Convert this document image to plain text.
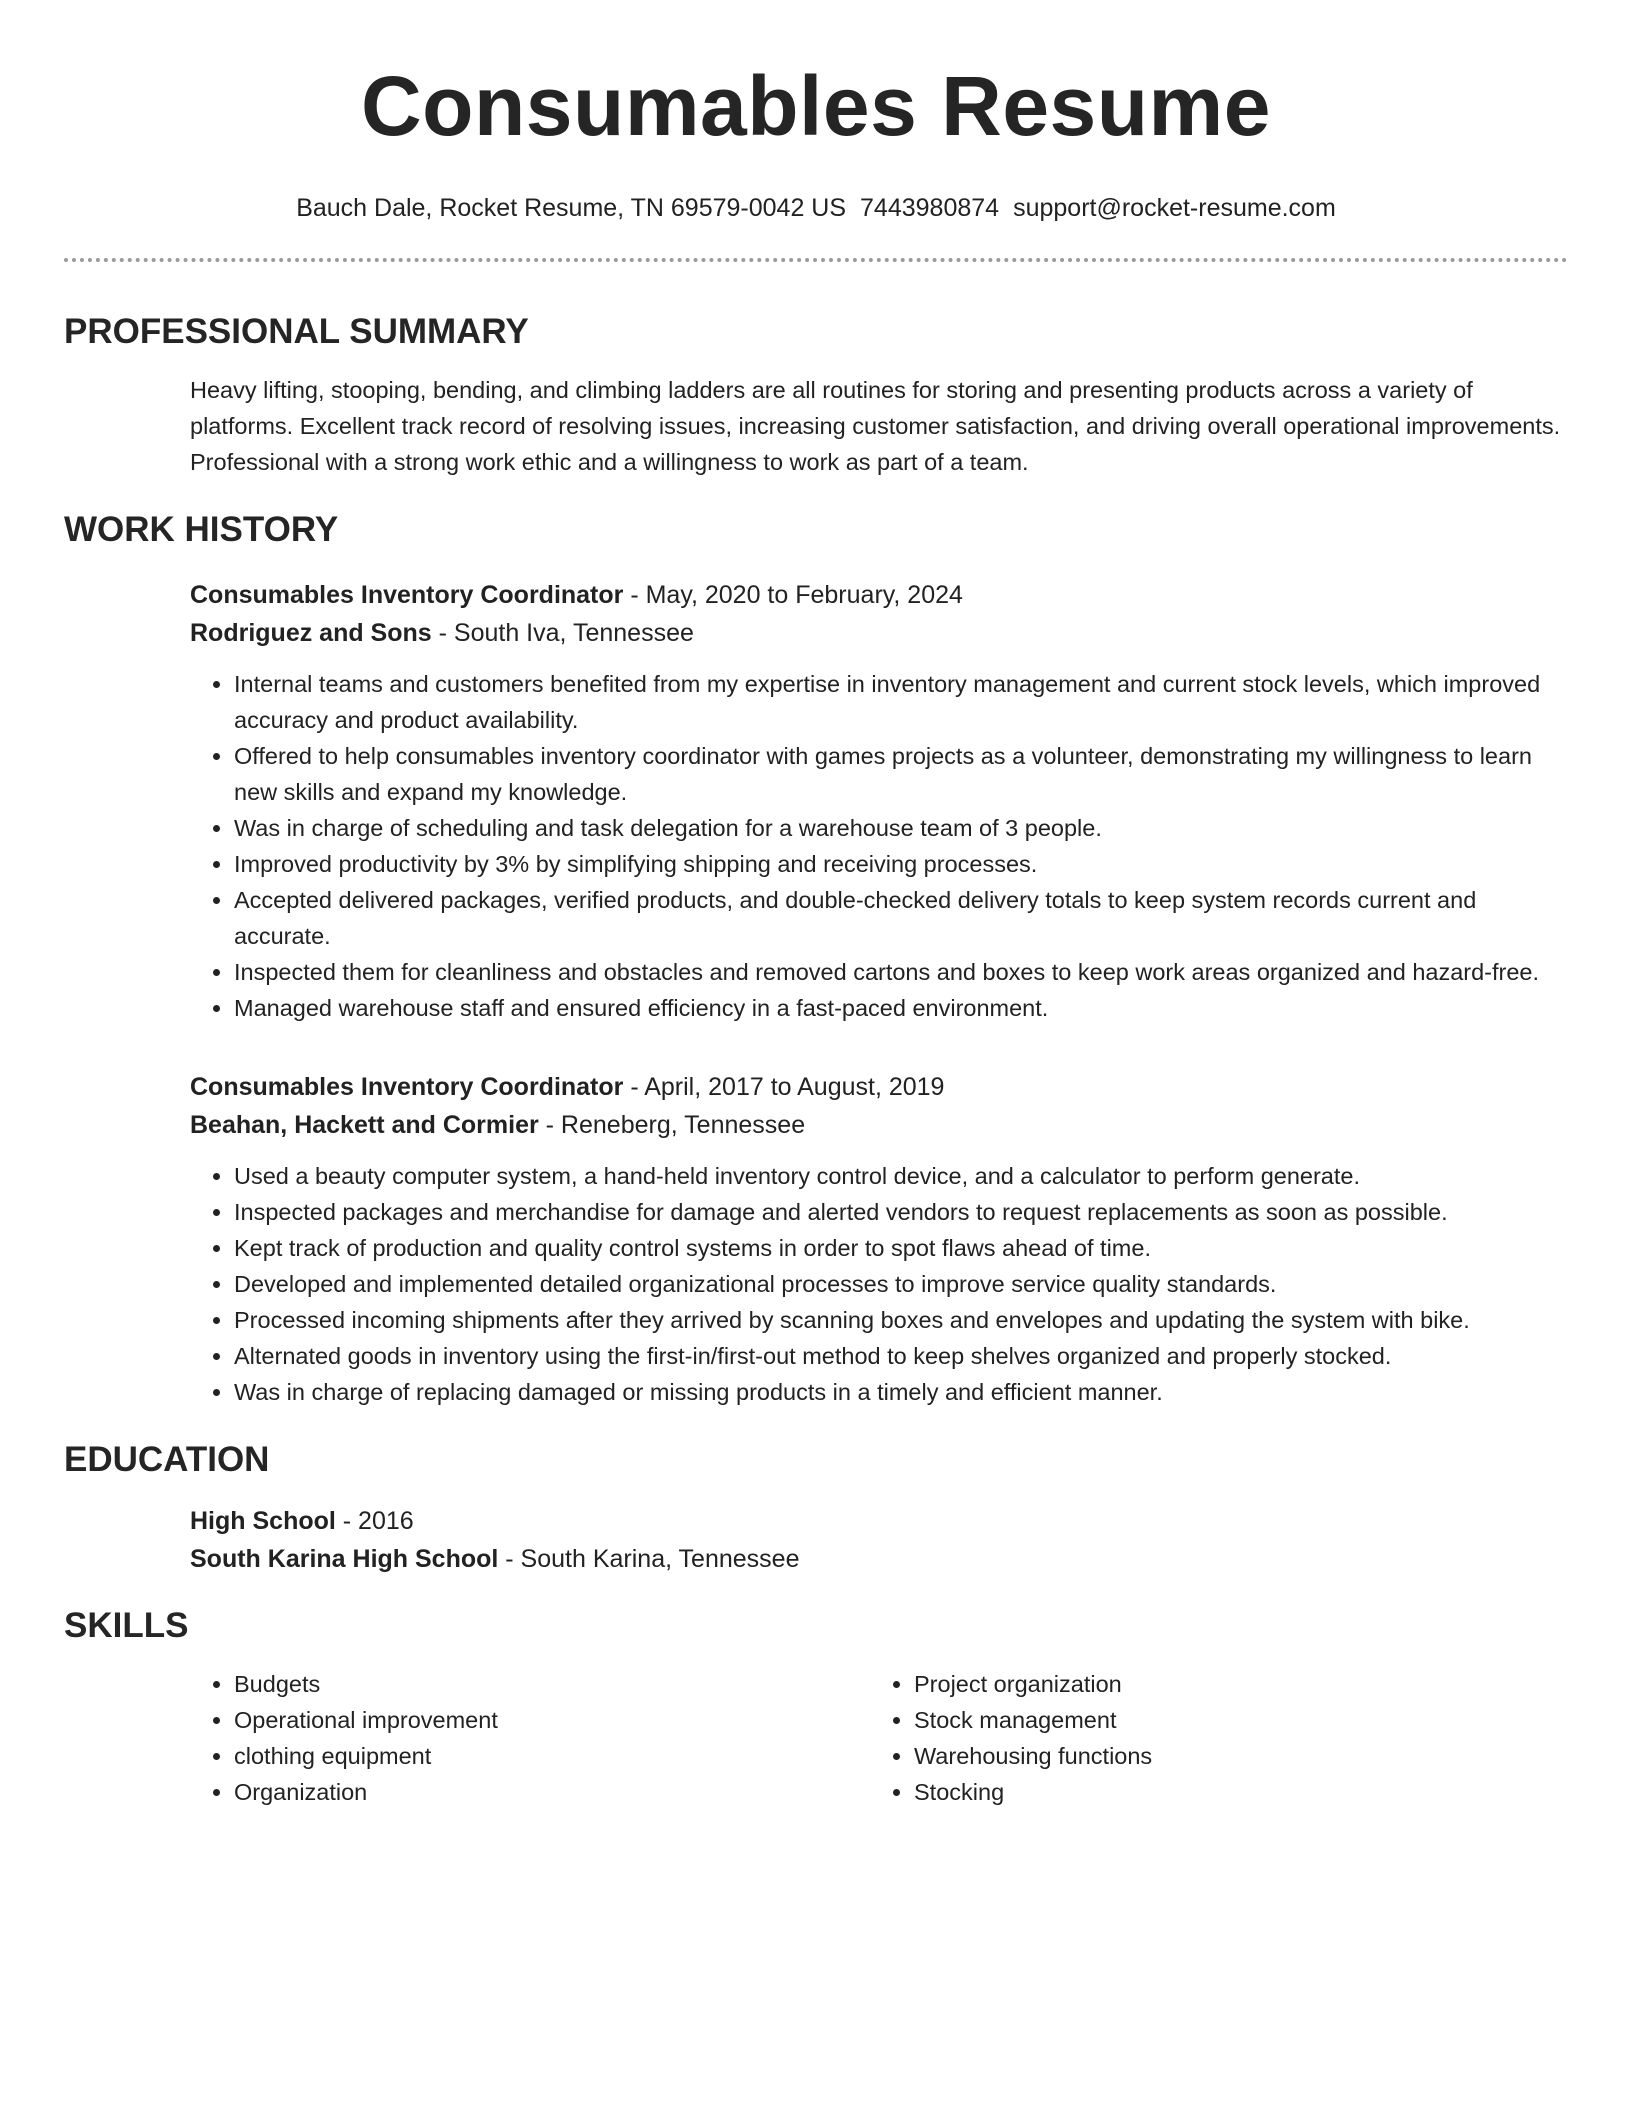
Consumables Resume
Bauch Dale, Rocket Resume, TN 69579-0042 US 7443980874 support@rocket-resume.com
PROFESSIONAL SUMMARY
Heavy lifting, stooping, bending, and climbing ladders are all routines for storing and presenting products across a variety of platforms. Excellent track record of resolving issues, increasing customer satisfaction, and driving overall operational improvements. Professional with a strong work ethic and a willingness to work as part of a team.
WORK HISTORY
Consumables Inventory Coordinator - May, 2020 to February, 2024
Rodriguez and Sons - South Iva, Tennessee
• Internal teams and customers benefited from my expertise in inventory management and current stock levels, which improved accuracy and product availability.
• Offered to help consumables inventory coordinator with games projects as a volunteer, demonstrating my willingness to learn new skills and expand my knowledge.
• Was in charge of scheduling and task delegation for a warehouse team of 3 people.
• Improved productivity by 3% by simplifying shipping and receiving processes.
• Accepted delivered packages, verified products, and double-checked delivery totals to keep system records current and accurate.
• Inspected them for cleanliness and obstacles and removed cartons and boxes to keep work areas organized and hazard-free.
• Managed warehouse staff and ensured efficiency in a fast-paced environment.
Consumables Inventory Coordinator - April, 2017 to August, 2019
Beahan, Hackett and Cormier - Reneberg, Tennessee
• Used a beauty computer system, a hand-held inventory control device, and a calculator to perform generate.
• Inspected packages and merchandise for damage and alerted vendors to request replacements as soon as possible.
• Kept track of production and quality control systems in order to spot flaws ahead of time.
• Developed and implemented detailed organizational processes to improve service quality standards.
• Processed incoming shipments after they arrived by scanning boxes and envelopes and updating the system with bike.
• Alternated goods in inventory using the first-in/first-out method to keep shelves organized and properly stocked.
• Was in charge of replacing damaged or missing products in a timely and efficient manner.
EDUCATION
High School - 2016
South Karina High School - South Karina, Tennessee
SKILLS
• Budgets
• Operational improvement
• clothing equipment
• Organization
• Project organization
• Stock management
• Warehousing functions
• Stocking
